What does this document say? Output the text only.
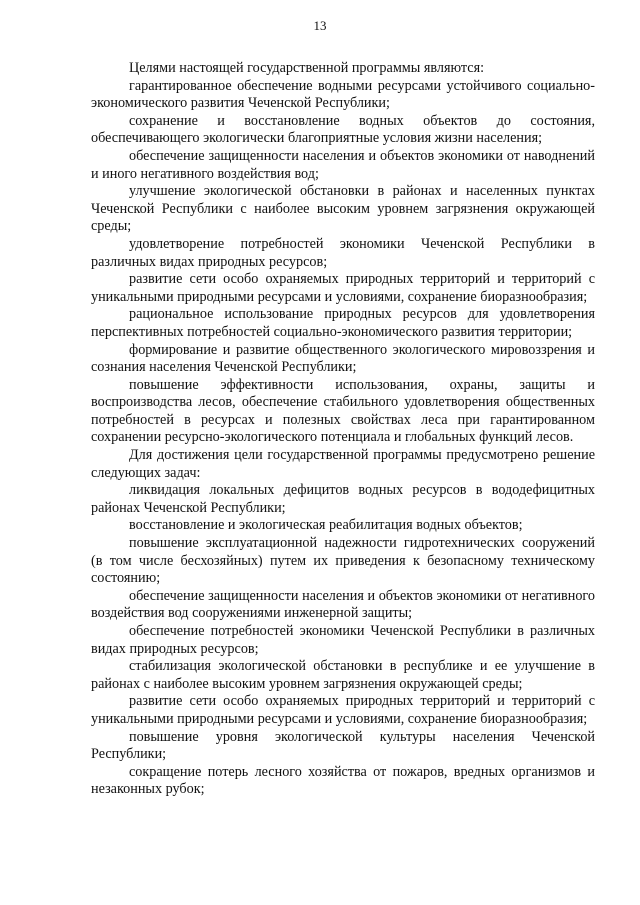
13

Целями настоящей государственной программы являются:

гарантированное обеспечение водными ресурсами устойчивого социально-экономического развития Чеченской Республики;

сохранение и восстановление водных объектов до состояния, обеспечивающего экологически благоприятные условия жизни населения;

обеспечение защищенности населения и объектов экономики от наводнений и иного негативного воздействия вод;

улучшение экологической обстановки в районах и населенных пунктах Чеченской Республики с наиболее высоким уровнем загрязнения окружающей среды;

удовлетворение потребностей экономики Чеченской Республики в различных видах природных ресурсов;

развитие сети особо охраняемых природных территорий и территорий с уникальными природными ресурсами и условиями, сохранение биоразнообразия;

рациональное использование природных ресурсов для удовлетворения перспективных потребностей социально-экономического развития территории;

формирование и развитие общественного экологического мировоззрения и сознания населения Чеченской Республики;

повышение эффективности использования, охраны, защиты и воспроизводства лесов, обеспечение стабильного удовлетворения общественных потребностей в ресурсах и полезных свойствах леса при гарантированном сохранении ресурсно-экологического потенциала и глобальных функций лесов.

Для достижения цели государственной программы предусмотрено решение следующих задач:

ликвидация локальных дефицитов водных ресурсов в вододефицитных районах Чеченской Республики;

восстановление и экологическая реабилитация водных объектов;

повышение эксплуатационной надежности гидротехнических сооружений (в том числе бесхозяйных) путем их приведения к безопасному техническому состоянию;

обеспечение защищенности населения и объектов экономики от негативного воздействия вод сооружениями инженерной защиты;

обеспечение потребностей экономики Чеченской Республики в различных видах природных ресурсов;

стабилизация экологической обстановки в республике и ее улучшение в районах с наиболее высоким уровнем загрязнения окружающей среды;

развитие сети особо охраняемых природных территорий и территорий с уникальными природными ресурсами и условиями, сохранение биоразнообразия;

повышение уровня экологической культуры населения Чеченской Республики;

сокращение потерь лесного хозяйства от пожаров, вредных организмов и незаконных рубок;
